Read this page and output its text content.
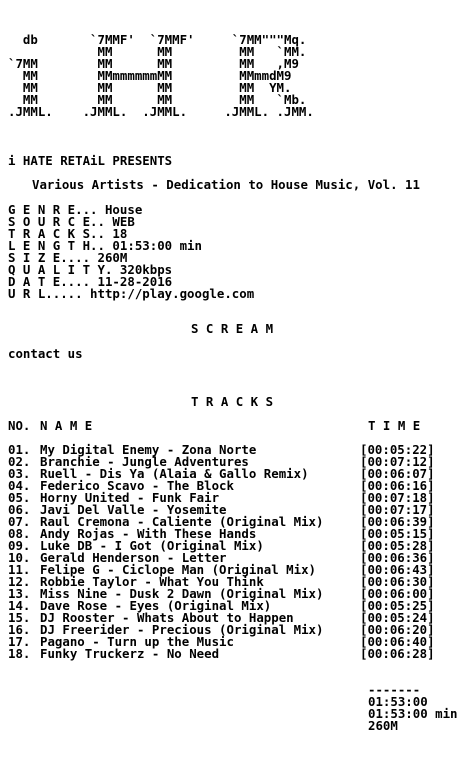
db       `7MMF'  `7MMF'     `7MM"""Mq.
MM      MM         MM   `MM.
`7MM        MM      MM         MM   ,M9
MM        MMmmmmmmMM         MMmmdM9
MM        MM      MM         MM  YM.
MM        MM      MM         MM   `Mb.
.JMML.    .JMML.  .JMML.     .JMML. .JMM.
i HATE RETAiL PRESENTS
Various Artists - Dedication to House Music, Vol. 11
G E N R E... House
S O U R C E.. WEB
T R A C K S.. 18
L E N G T H.. 01:53:00 min
S I Z E.... 260M
Q U A L I T Y. 320kbps
D A T E.... 11-28-2016
U R L..... http://play.google.com
S C R E A M
contact us
T R A C K S
NO. N A M E	T I M E
01. My Digital Enemy - Zona Norte	[00:05:22]
02. Branchie - Jungle Adventures	[00:07:12]
03. Ruell - Dis Ya (Alaia & Gallo Remix)	[00:06:07]
04. Federico Scavo - The Block	[00:06:16]
05. Horny United - Funk Fair	[00:07:18]
06. Javi Del Valle - Yosemite	[00:07:17]
07. Raul Cremona - Caliente (Original Mix)	[00:06:39]
08. Andy Rojas - With These Hands	[00:05:15]
09. Luke DB - I Got (Original Mix)	[00:05:28]
10. Gerald Henderson - Letter	[00:06:36]
11. Felipe G - Ciclope Man (Original Mix)	[00:06:43]
12. Robbie Taylor - What You Think	[00:06:30]
13. Miss Nine - Dusk 2 Dawn (Original Mix)	[00:06:00]
14. Dave Rose - Eyes (Original Mix)	[00:05:25]
15. DJ Rooster - Whats About to Happen	[00:05:24]
16. DJ Freerider - Precious (Original Mix)	[00:06:20]
17. Pagano - Turn up the Music	[00:06:40]
18. Funky Truckerz - No Need	[00:06:28]
-------
01:53:00
01:53:00 min
260M
